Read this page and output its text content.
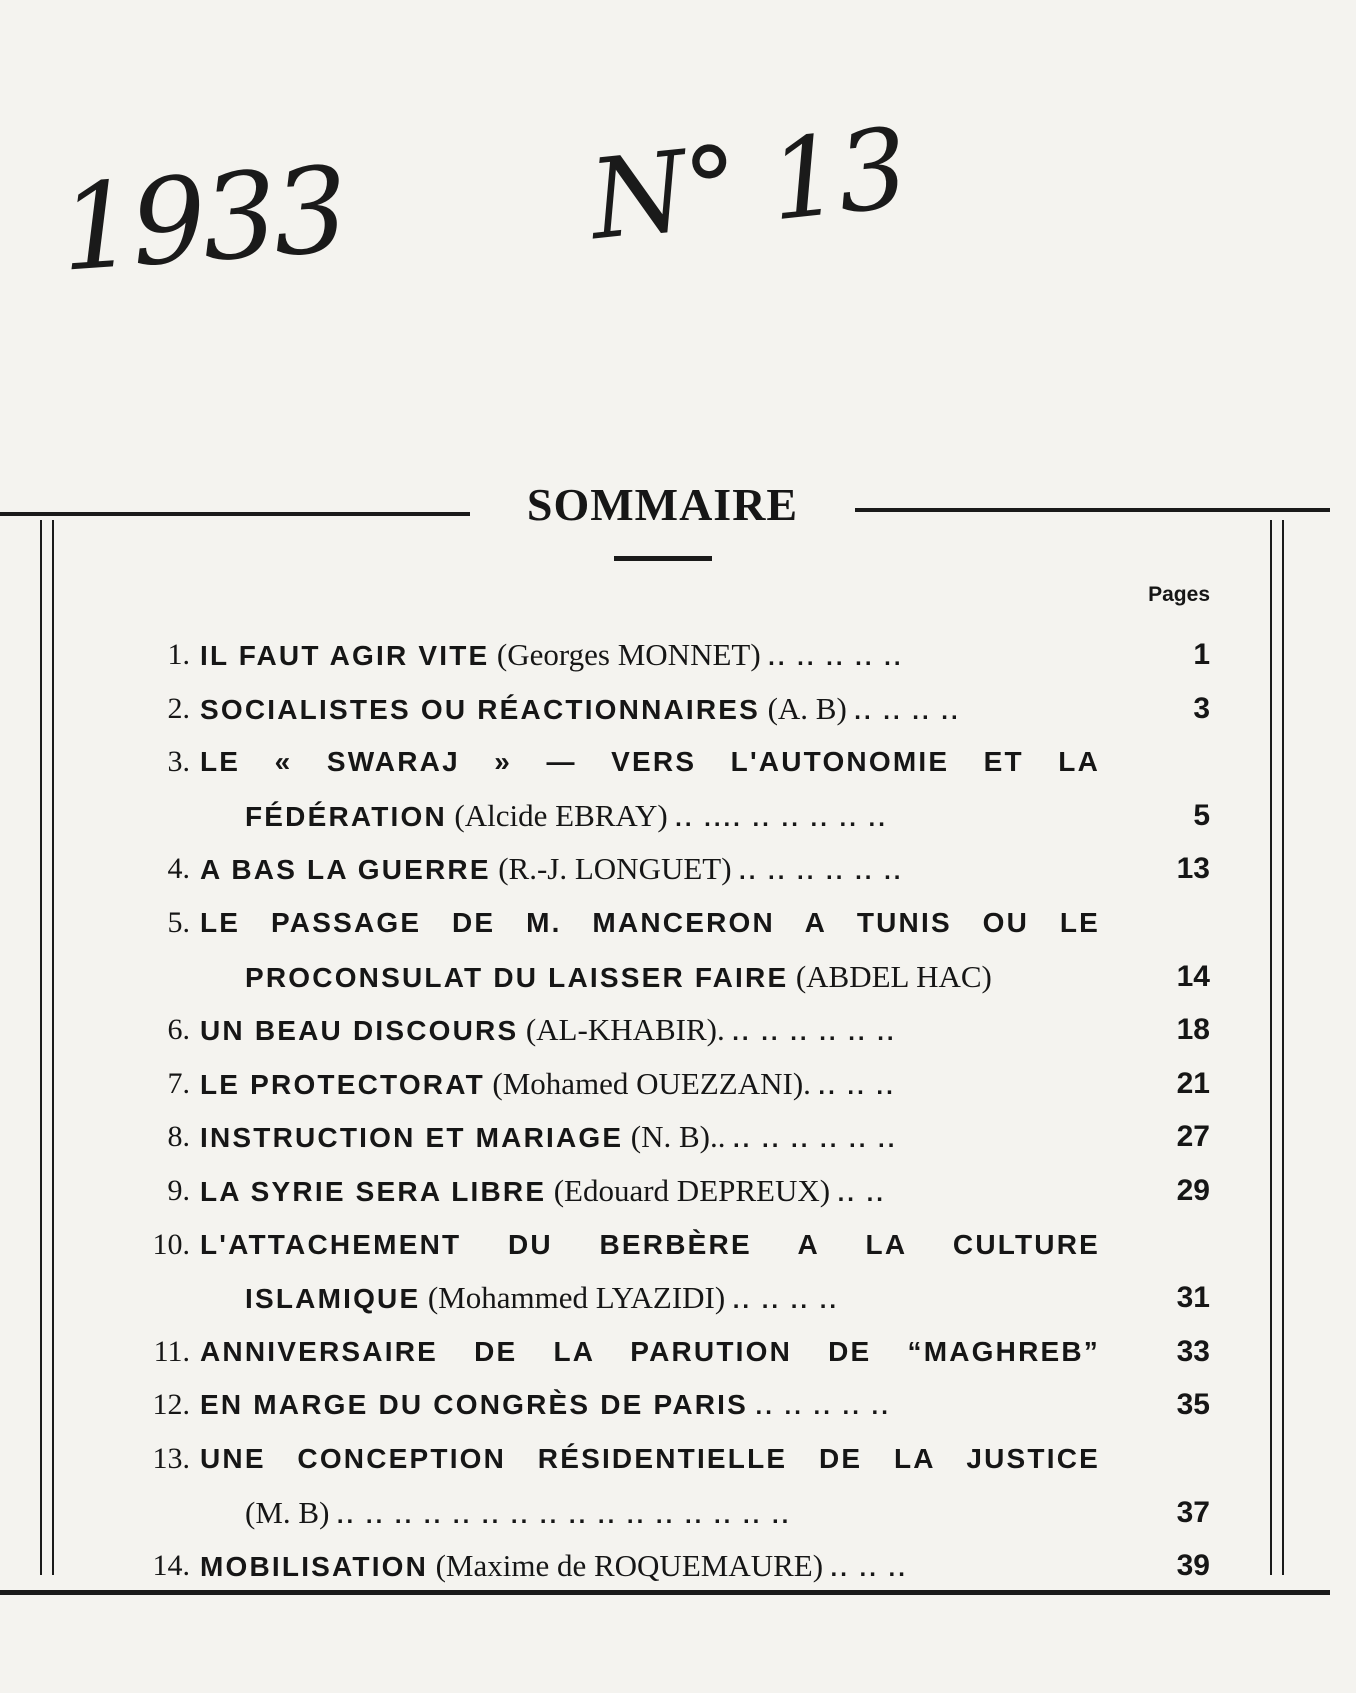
1933 N° 13
SOMMAIRE
Pages
1. IL FAUT AGIR VITE (Georges MONNET) .. .. .. .. ..	1
2. SOCIALISTES OU RÉACTIONNAIRES (A. B) .. .. .. ..	3
3. LE « SWARAJ » — VERS L'AUTONOMIE ET LA
FÉDÉRATION (Alcide EBRAY) .. .... .. .. .. .. ..	5
4. A BAS LA GUERRE (R.-J. LONGUET) .. .. .. .. .. ..	13
5. LE PASSAGE DE M. MANCERON A TUNIS OU LE
PROCONSULAT DU LAISSER FAIRE (ABDEL HAC)	14
6. UN BEAU DISCOURS (AL-KHABIR). .. .. .. .. .. ..	18
7. LE PROTECTORAT (Mohamed OUEZZANI). .. .. ..	21
8. INSTRUCTION ET MARIAGE (N. B).. .. .. .. .. .. ..	27
9. LA SYRIE SERA LIBRE (Edouard DEPREUX) .. ..	29
10. L'ATTACHEMENT DU BERBÈRE A LA CULTURE
ISLAMIQUE (Mohammed LYAZIDI) .. .. .. ..	31
11. ANNIVERSAIRE DE LA PARUTION DE “MAGHREB”	33
12. EN MARGE DU CONGRÈS DE PARIS .. .. .. .. ..	35
13. UNE CONCEPTION RÉSIDENTIELLE DE LA JUSTICE
(M. B) .. .. .. .. .. .. .. .. .. .. .. .. .. .. .. ..	37
14. MOBILISATION (Maxime de ROQUEMAURE) .. .. ..	39
